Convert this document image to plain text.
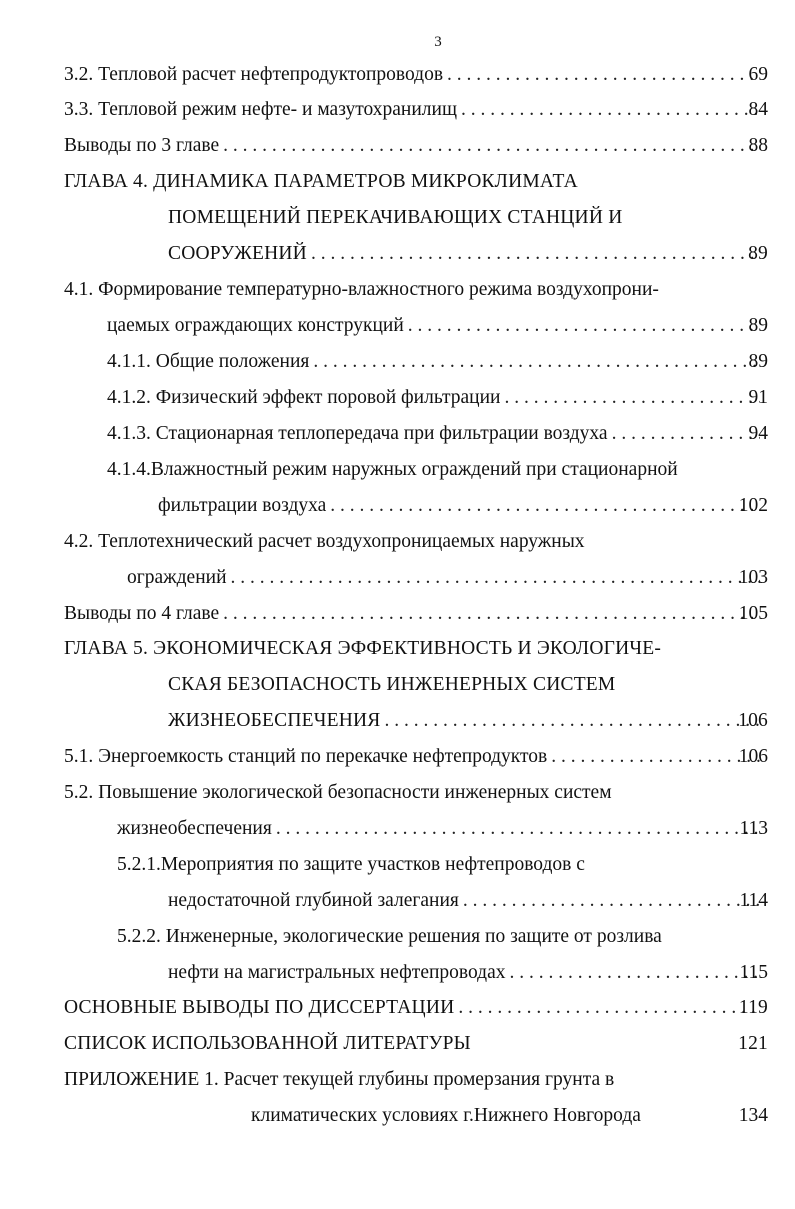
3
3.2. Тепловой расчет нефтепродуктопроводов . . .	69
3.3. Тепловой режим нефте- и мазутохранилищ . . .	84
Выводы по 3 главе . . .	88
ГЛАВА 4. ДИНАМИКА ПАРАМЕТРОВ МИКРОКЛИМАТА
ПОМЕЩЕНИЙ ПЕРЕКАЧИВАЮЩИХ СТАНЦИЙ И
СООРУЖЕНИЙ . . .	89
4.1. Формирование температурно-влажностного режима воздухопрони-
цаемых ограждающих конструкций . . .	89
4.1.1. Общие положения . . .	89
4.1.2. Физический эффект поровой фильтрации . . .	91
4.1.3. Стационарная теплопередача при фильтрации воздуха . . .	94
4.1.4.Влажностный режим наружных ограждений при стационарной
фильтрации воздуха . . .	102
4.2. Теплотехнический расчет воздухопроницаемых наружных
ограждений . . .	103
Выводы по 4 главе . . .	105
ГЛАВА 5. ЭКОНОМИЧЕСКАЯ ЭФФЕКТИВНОСТЬ И ЭКОЛОГИЧЕ-
СКАЯ БЕЗОПАСНОСТЬ ИНЖЕНЕРНЫХ СИСТЕМ
ЖИЗНЕОБЕСПЕЧЕНИЯ . . .	106
5.1. Энергоемкость станций по перекачке нефтепродуктов . . .	106
5.2. Повышение экологической безопасности инженерных систем
жизнеобеспечения . . .	113
5.2.1.Мероприятия по защите участков нефтепроводов с
недостаточной глубиной залегания . . .	114
5.2.2. Инженерные, экологические решения по защите от розлива
нефти на магистральных нефтепроводах . . .	115
ОСНОВНЫЕ ВЫВОДЫ ПО ДИССЕРТАЦИИ . . .	119
СПИСОК ИСПОЛЬЗОВАННОЙ ЛИТЕРАТУРЫ	121
ПРИЛОЖЕНИЕ 1. Расчет текущей глубины промерзания грунта в
климатических условиях г.Нижнего Новгорода	134
